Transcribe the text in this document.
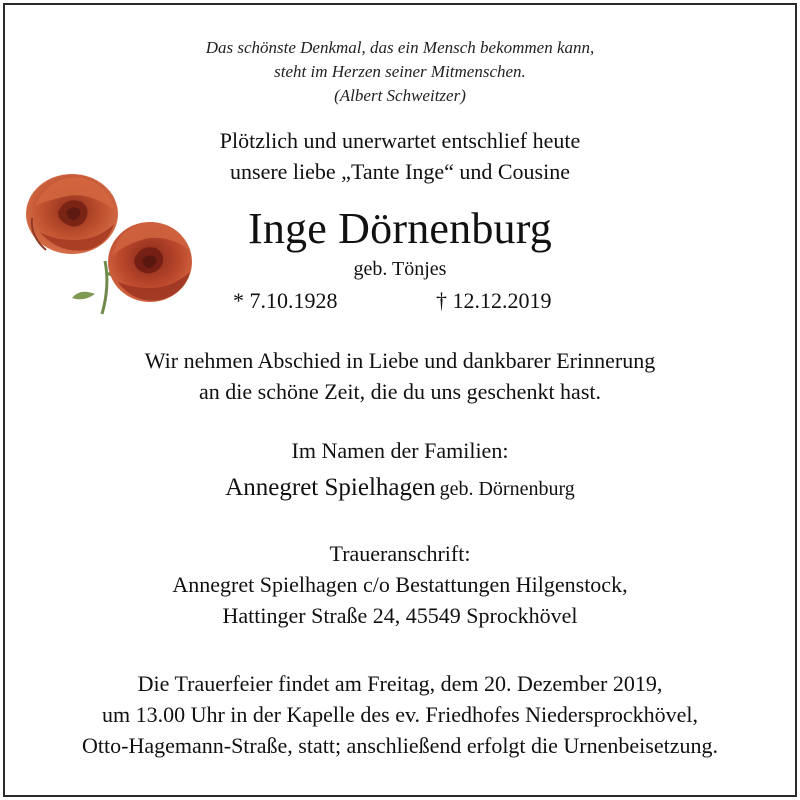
Das schönste Denkmal, das ein Mensch bekommen kann,
steht im Herzen seiner Mitmenschen.
(Albert Schweitzer)
Plötzlich und unerwartet entschlief heute
unsere liebe „Tante Inge“ und Cousine
Inge Dörnenburg
geb. Tönjes
* 7.10.1928	† 12.12.2019
Wir nehmen Abschied in Liebe und dankbarer Erinnerung
an die schöne Zeit, die du uns geschenkt hast.
Im Namen der Familien:
Annegret Spielhagen geb. Dörnenburg
Traueranschrift:
Annegret Spielhagen c/o Bestattungen Hilgenstock,
Hattinger Straße 24, 45549 Sprockhövel
Die Trauerfeier findet am Freitag, dem 20. Dezember 2019,
um 13.00 Uhr in der Kapelle des ev. Friedhofes Niedersprockhövel,
Otto-Hagemann-Straße, statt; anschließend erfolgt die Urnenbeisetzung.
